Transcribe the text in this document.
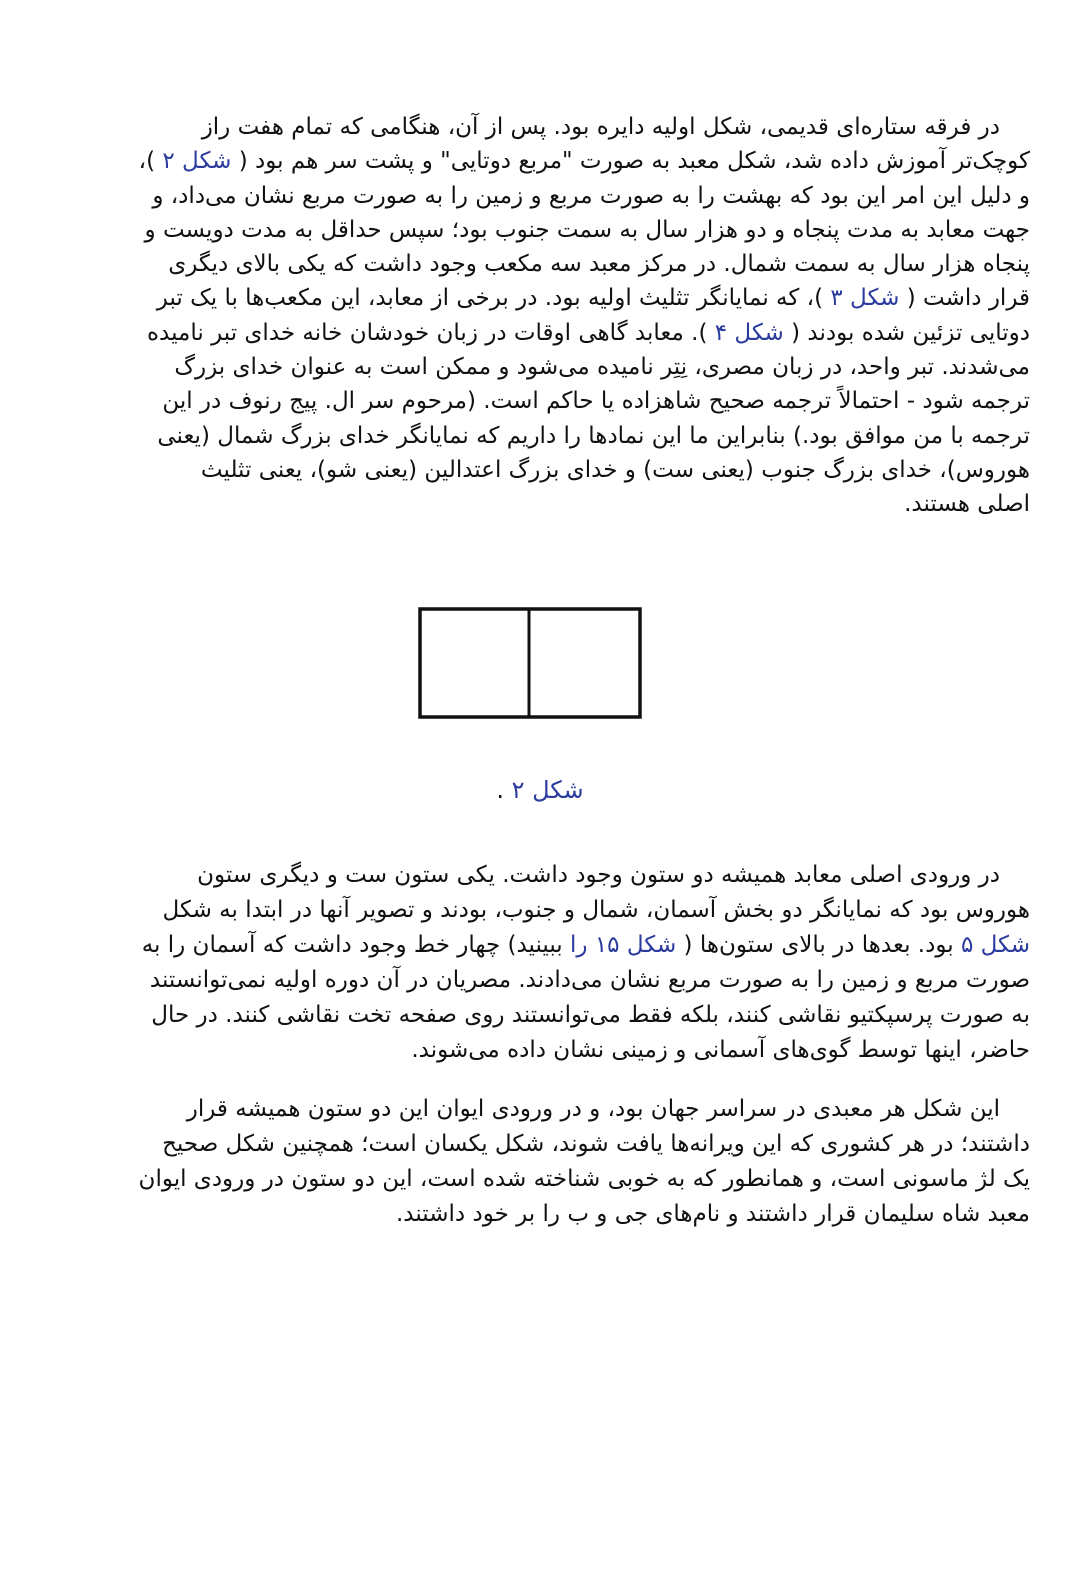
در فرقه ستاره‌ای قدیمی، شکل اولیه دایره بود. پس از آن، هنگامی که تمام هفت راز
کوچک‌تر آموزش داده شد، شکل معبد به صورت "مربع دوتایی" و پشت سر هم بود ( شکل ۲ )،
و دلیل این امر این بود که بهشت را به صورت مربع و زمین را به صورت مربع نشان می‌داد، و
جهت معابد به مدت پنجاه و دو هزار سال به سمت جنوب بود؛ سپس حداقل به مدت دویست و
پنجاه هزار سال به سمت شمال. در مرکز معبد سه مکعب وجود داشت که یکی بالای دیگری
قرار داشت ( شکل ۳ )، که نمایانگر تثلیث اولیه بود. در برخی از معابد، این مکعب‌ها با یک تبر
دوتایی تزئین شده بودند ( شکل ۴ ). معابد گاهی اوقات در زبان خودشان خانه خدای تبر نامیده
می‌شدند. تبر واحد، در زبان مصری، نِتِر نامیده می‌شود و ممکن است به عنوان خدای بزرگ
ترجمه شود - احتمالاً ترجمه صحیح شاهزاده یا حاکم است. (مرحوم سر ال. پیج رنوف در این
ترجمه با من موافق بود.) بنابراین ما این نمادها را داریم که نمایانگر خدای بزرگ شمال (یعنی
هوروس)، خدای بزرگ جنوب (یعنی ست) و خدای بزرگ اعتدالین (یعنی شو)، یعنی تثلیث
اصلی هستند.
شکل ۲ .
در ورودی اصلی معابد همیشه دو ستون وجود داشت. یکی ستون ست و دیگری ستون
هوروس بود که نمایانگر دو بخش آسمان، شمال و جنوب، بودند و تصویر آنها در ابتدا به شکل
شکل ۵ بود. بعدها در بالای ستون‌ها ( شکل ۱۵ را ببینید) چهار خط وجود داشت که آسمان را به
صورت مربع و زمین را به صورت مربع نشان می‌دادند. مصریان در آن دوره اولیه نمی‌توانستند
به صورت پرسپکتیو نقاشی کنند، بلکه فقط می‌توانستند روی صفحه تخت نقاشی کنند. در حال
حاضر، اینها توسط گوی‌های آسمانی و زمینی نشان داده می‌شوند.
این شکل هر معبدی در سراسر جهان بود، و در ورودی ایوان این دو ستون همیشه قرار
داشتند؛ در هر کشوری که این ویرانه‌ها یافت شوند، شکل یکسان است؛ همچنین شکل صحیح
یک لژ ماسونی است، و همانطور که به خوبی شناخته شده است، این دو ستون در ورودی ایوان
معبد شاه سلیمان قرار داشتند و نام‌های جی و ب را بر خود داشتند.
